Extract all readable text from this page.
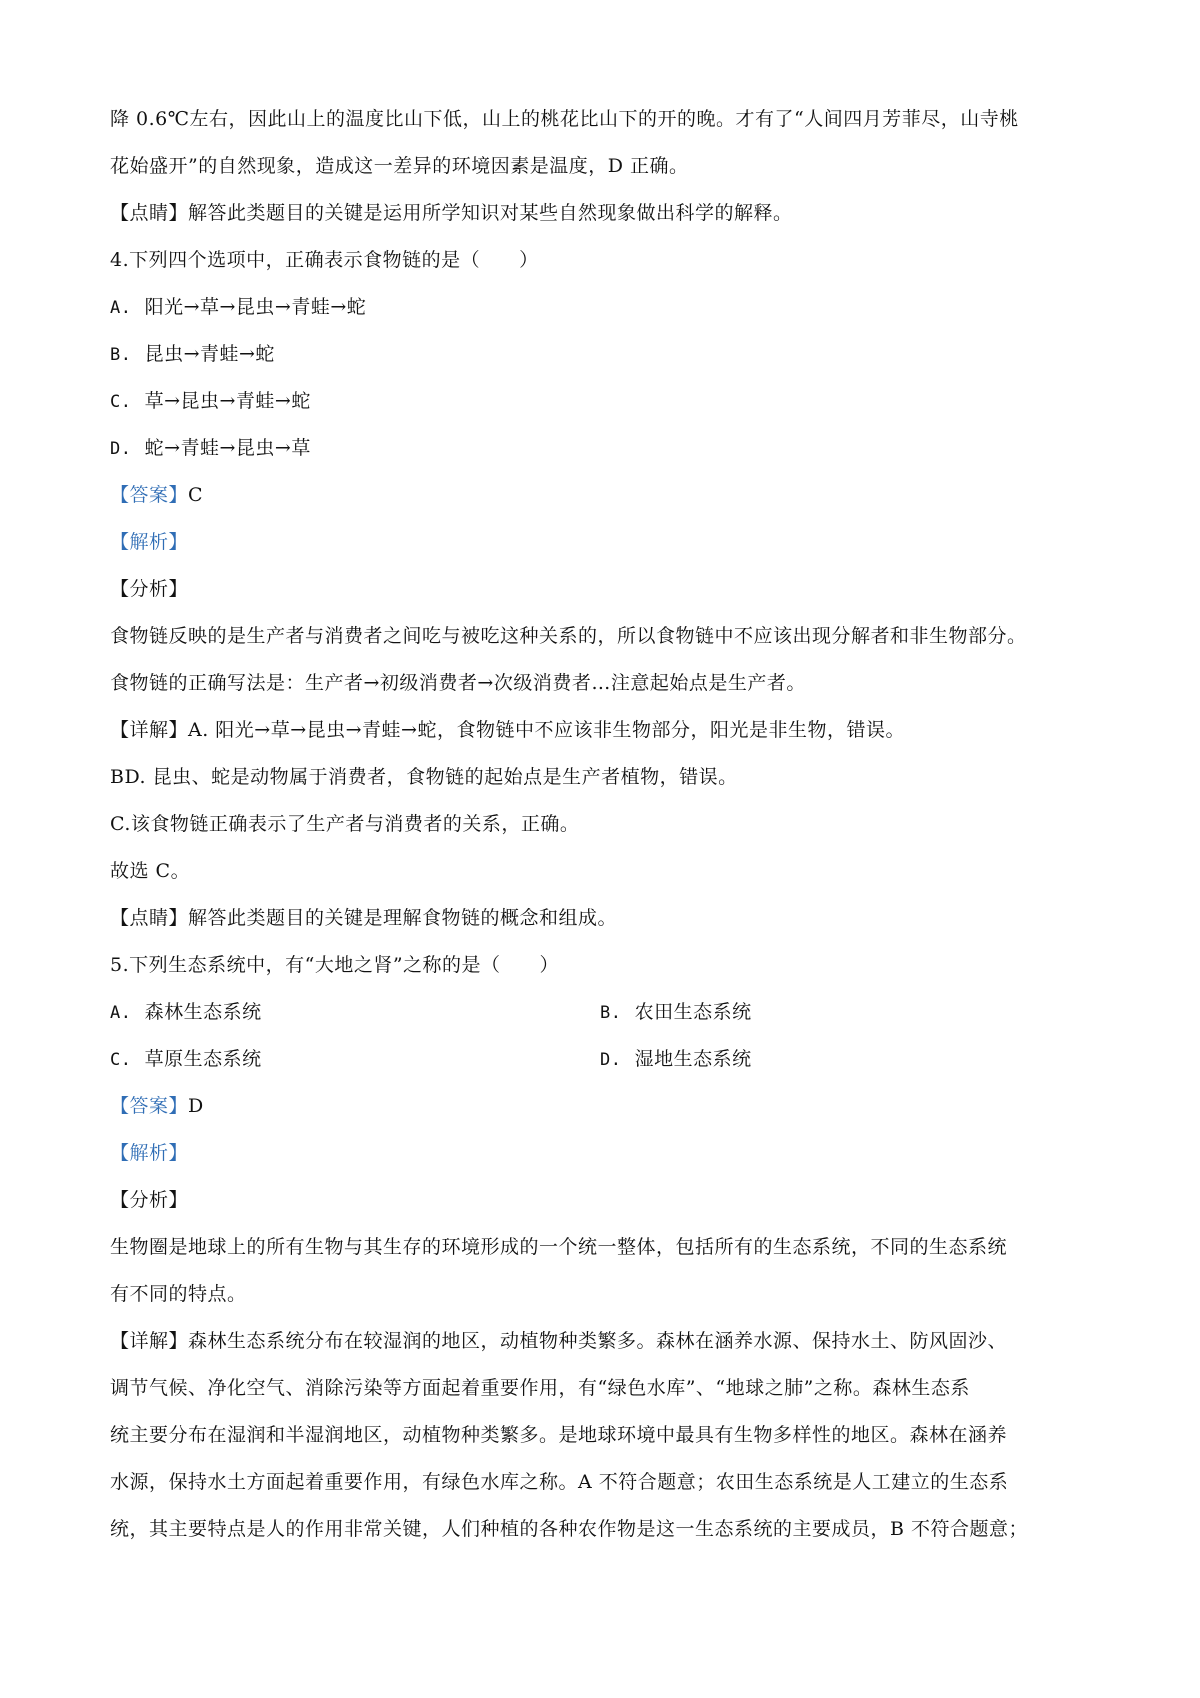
降 0.6℃左右，因此山上的温度比山下低，山上的桃花比山下的开的晚。才有了“人间四月芳菲尽，山寺桃
花始盛开”的自然现象，造成这一差异的环境因素是温度，D 正确。
【点睛】解答此类题目的关键是运用所学知识对某些自然现象做出科学的解释。
4.下列四个选项中，正确表示食物链的是（　　）
A. 阳光→草→昆虫→青蛙→蛇
B. 昆虫→青蛙→蛇
C. 草→昆虫→青蛙→蛇
D. 蛇→青蛙→昆虫→草
【答案】C
【解析】
【分析】
食物链反映的是生产者与消费者之间吃与被吃这种关系的，所以食物链中不应该出现分解者和非生物部分。
食物链的正确写法是：生产者→初级消费者→次级消费者…注意起始点是生产者。
【详解】A. 阳光→草→昆虫→青蛙→蛇，食物链中不应该非生物部分，阳光是非生物，错误。
BD. 昆虫、蛇是动物属于消费者，食物链的起始点是生产者植物，错误。
C.该食物链正确表示了生产者与消费者的关系，正确。
故选 C。
【点睛】解答此类题目的关键是理解食物链的概念和组成。
5.下列生态系统中，有“大地之肾”之称的是（　　）
A. 森林生态系统	B. 农田生态系统
C. 草原生态系统	D. 湿地生态系统
【答案】D
【解析】
【分析】
生物圈是地球上的所有生物与其生存的环境形成的一个统一整体，包括所有的生态系统，不同的生态系统
有不同的特点。
【详解】森林生态系统分布在较湿润的地区，动植物种类繁多。森林在涵养水源、保持水土、防风固沙、
调节气候、净化空气、消除污染等方面起着重要作用，有“绿色水库”、“地球之肺”之称。森林生态系
统主要分布在湿润和半湿润地区，动植物种类繁多。是地球环境中最具有生物多样性的地区。森林在涵养
水源，保持水土方面起着重要作用，有绿色水库之称。A 不符合题意；农田生态系统是人工建立的生态系
统，其主要特点是人的作用非常关键，人们种植的各种农作物是这一生态系统的主要成员，B 不符合题意；
